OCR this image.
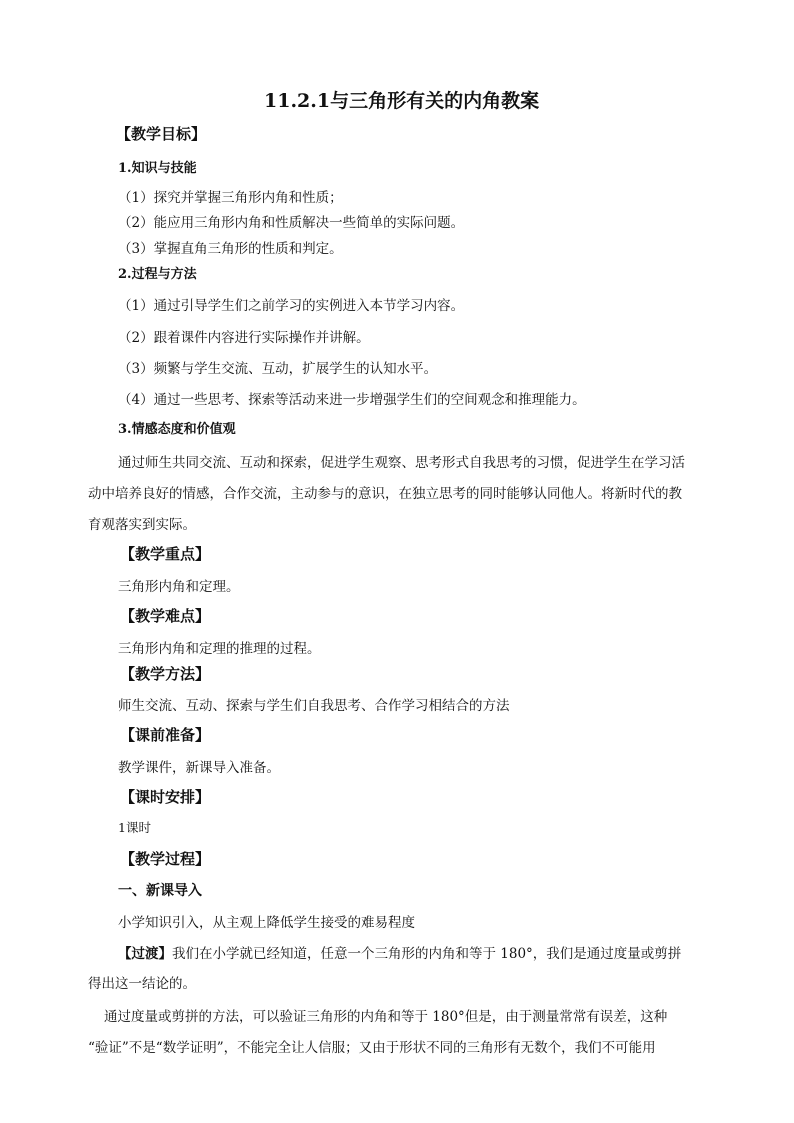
11.2.1与三角形有关的内角教案
【教学目标】
1.知识与技能
（1）探究并掌握三角形内角和性质；
（2）能应用三角形内角和性质解决一些简单的实际问题。
（3）掌握直角三角形的性质和判定。
2.过程与方法
（1）通过引导学生们之前学习的实例进入本节学习内容。
（2）跟着课件内容进行实际操作并讲解。
（3）频繁与学生交流、互动，扩展学生的认知水平。
（4）通过一些思考、探索等活动来进一步增强学生们的空间观念和推理能力。
3.情感态度和价值观
通过师生共同交流、互动和探索，促进学生观察、思考形式自我思考的习惯，促进学生在学习活
动中培养良好的情感，合作交流，主动参与的意识，在独立思考的同时能够认同他人。将新时代的教
育观落实到实际。
【教学重点】
三角形内角和定理。
【教学难点】
三角形内角和定理的推理的过程。
【教学方法】
师生交流、互动、探索与学生们自我思考、合作学习相结合的方法
【课前准备】
教学课件，新课导入准备。
【课时安排】
1课时
【教学过程】
一、新课导入
小学知识引入，从主观上降低学生接受的难易程度
【过渡】我们在小学就已经知道，任意一个三角形的内角和等于 180°，我们是通过度量或剪拼
得出这一结论的。
通过度量或剪拼的方法，可以验证三角形的内角和等于 180°但是，由于测量常常有误差，这种
“验证”不是“数学证明”，不能完全让人信服；又由于形状不同的三角形有无数个，我们不可能用
